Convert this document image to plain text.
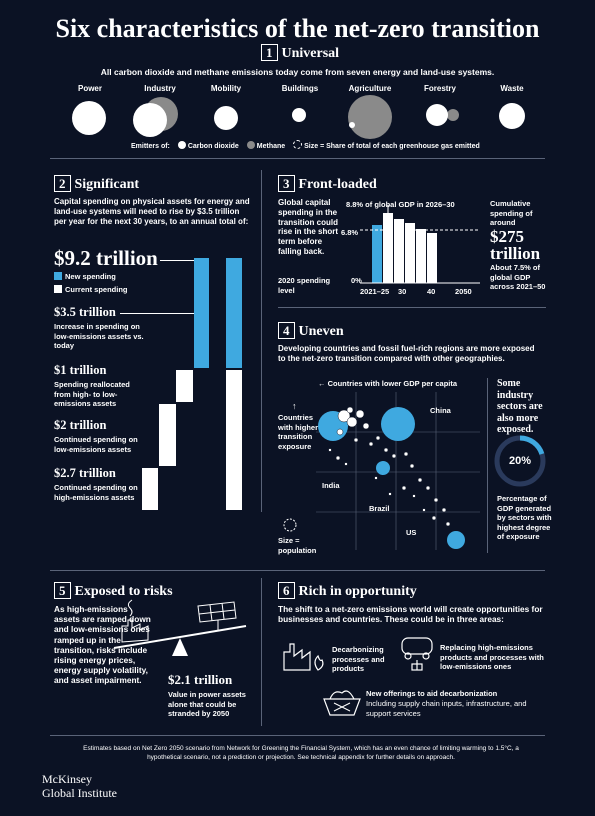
Six characteristics of the net-zero transition
1 Universal
All carbon dioxide and methane emissions today come from seven energy and land-use systems.
Power	Industry	Mobility	Buildings	Agriculture	Forestry	Waste
Emitters of:	Carbon dioxide	Methane	Size = Share of total of each greenhouse gas emitted
2 Significant
Capital spending on physical assets for energy and land-use systems will need to rise by $3.5 trillion per year for the next 30 years, to an annual total of:
$9.2 trillion
New spending
Current spending
$3.5 trillion
Increase in spending on low-emissions assets vs. today
$1 trillion
Spending reallocated from high- to low-emissions assets
$2 trillion
Continued spending on low-emissions assets
$2.7 trillion
Continued spending on high-emissions assets
3 Front-loaded
Global capital spending in the transition could rise in the short term before falling back.
2020 spending level
8.8% of global GDP in 2026–30
6.8%
0%
2021–25 30	40	2050
Cumulative spending of around
$275 trillion
About 7.5% of global GDP across 2021–50
4 Uneven
Developing countries and fossil fuel-rich regions are more exposed to the net-zero transition compared with other geographies.
← Countries with lower GDP per capita
Countries with higher transition exposure
↑	China
India
Brazil
US
Size = population
Some industry sectors are also more exposed.
20%
Percentage of GDP generated by sectors with highest degree of exposure
5 Exposed to risks
As high-emissions assets are ramped down and low-emissions ones ramped up in the transition, risks include rising energy prices, energy supply volatility, and asset impairment.	$2.1 trillion
Value in power assets alone that could be stranded by 2050
6 Rich in opportunity
The shift to a net-zero emissions world will create opportunities for businesses and countries. These could be in three areas:
Decarbonizing processes and products
Replacing high-emissions products and processes with low-emissions ones
New offerings to aid decarbonization
Including supply chain inputs, infrastructure, and support services
Estimates based on Net Zero 2050 scenario from Network for Greening the Financial System, which has an even chance of limiting warming to 1.5°C, a hypothetical scenario, not a prediction or projection. See technical appendix for further details on approach.
McKinsey
Global Institute
